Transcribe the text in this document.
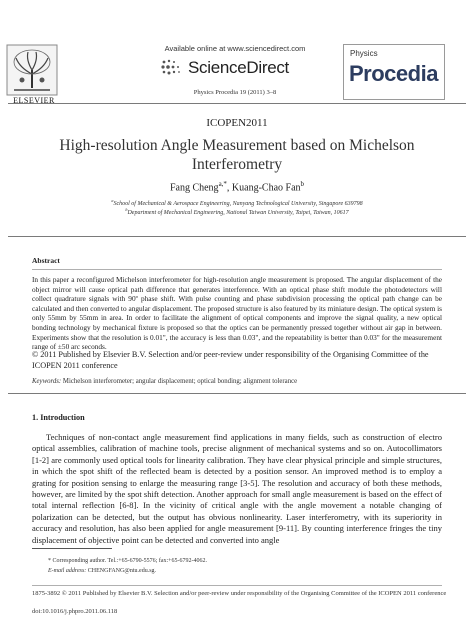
ELSEVIER
Available online at www.sciencedirect.com
ScienceDirect
Physics Procedia 19 (2011) 3–8
Physics
Procedia
ICOPEN2011
High-resolution Angle Measurement based on Michelson Interferometry
Fang Cheng$^{a,*}$, Kuang-Chao Fan$^b$
$^a$School of Mechanical & Aerospace Engineering, Nanyang Technological University, Singapore 639798
$^b$Department of Mechanical Engineering, National Taiwan University, Taipei, Taiwan, 10617
Abstract
In this paper a reconfigured Michelson interferometer for high-resolution angle measurement is proposed. The angular displacement of the object mirror will cause optical path difference that generates interference. With an optical phase shift module the photodetectors will collect quadrature signals with 90º phase shift. With pulse counting and phase subdivision processing the optical path change can be calculated and then converted to angular displacement. The proposed structure is also featured by its miniature design. The optical system is only 55mm by 55mm in area. In order to facilitate the alignment of optical components and improve the signal quality, a new optical bonding technology by mechanical fixture is proposed so that the optics can be permanently pressed together without air gap in between. Experiments show that the resolution is 0.01", the accuracy is less than 0.03", and the repeatability is better than 0.03" for the measurement range of ±50 arc seconds.
© 2011 Published by Elsevier B.V. Selection and/or peer-review under responsibility of the Organising Committee of the ICOPEN 2011 conference
Keywords: Michelson interferometer; angular displacement; optical bonding; alignment tolerance
1. Introduction
Techniques of non-contact angle measurement find applications in many fields, such as construction of electro optical assemblies, calibration of machine tools, precise alignment of mechanical systems and so on. Autocollimators [1-2] are commonly used optical tools for linearity calibration. They have clear physical principle and simple structures, in which the spot shift of the reflected beam is detected by a position sensor. An improved method is to employ a grating for position sensing to enlarge the measuring range [3-5]. The resolution and accuracy of both these methods, however, are limited by the spot shift detection. Another approach for small angle measurement is based on the effect of total internal reflection [6-8]. In the vicinity of critical angle with the angle movement a notable changing of polarization can be detected, but the output has obvious nonlinearity. Laser interferometry, with its superiority in accuracy and resolution, has also been applied for angle measurement [9-11]. By counting interference fringes the tiny displacement of objective point can be detected and converted into angle
* Corresponding author. Tel.:+65-6790-5576; fax:+65-6792-4062.
E-mail address: CHENGFANG@ntu.edu.sg.
1875-3892 © 2011 Published by Elsevier B.V. Selection and/or peer-review under responsibility of the Organising Committee of the ICOPEN 2011 conference
doi:10.1016/j.phpro.2011.06.118
